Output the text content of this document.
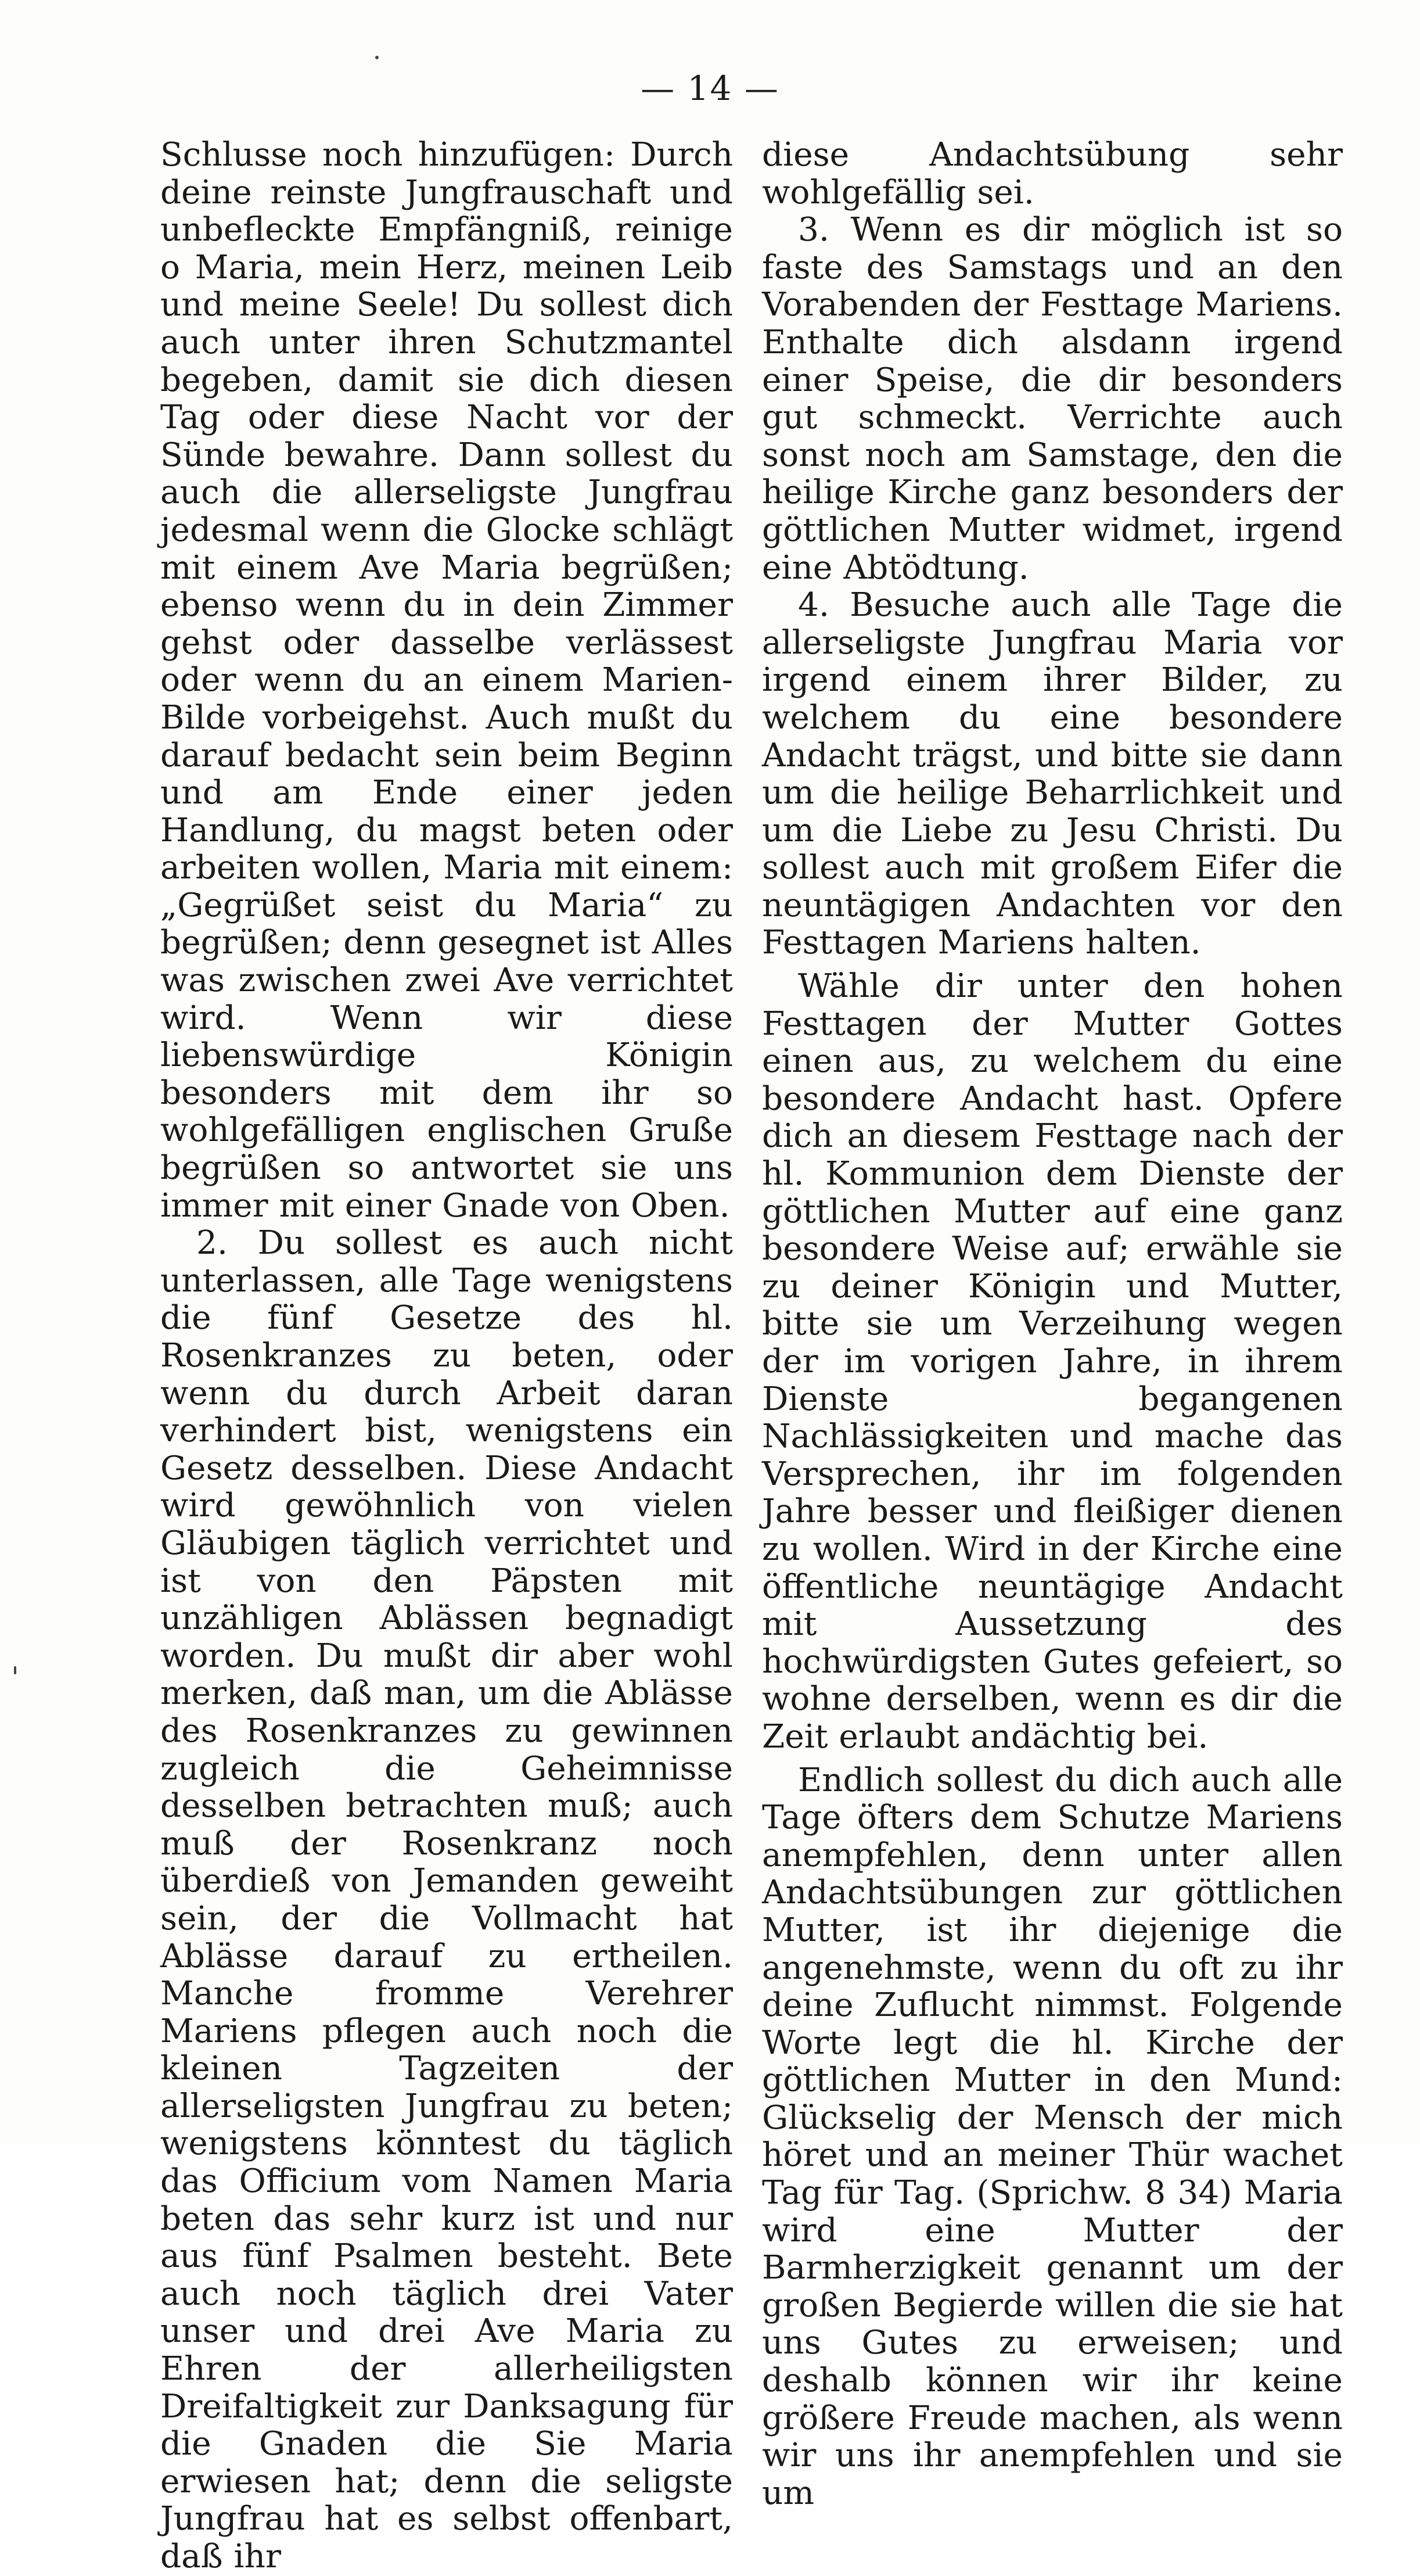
— 14 —

Schlusse noch hinzufügen: Durch deine reinste Jungfrauschaft und unbefleckte Empfängniß, reinige o Maria, mein Herz, meinen Leib und meine Seele! Du sollest dich auch unter ihren Schutzmantel begeben, damit sie dich diesen Tag oder diese Nacht vor der Sünde bewahre. Dann sollest du auch die allerseligste Jungfrau jedesmal wenn die Glocke schlägt mit einem Ave Maria begrüßen; ebenso wenn du in dein Zimmer gehst oder dasselbe verlässest oder wenn du an einem Marien-Bilde vorbeigehst. Auch mußt du darauf bedacht sein beim Beginn und am Ende einer jeden Handlung, du magst beten oder arbeiten wollen, Maria mit einem: „Gegrüßet seist du Maria“ zu begrüßen; denn gesegnet ist Alles was zwischen zwei Ave verrichtet wird. Wenn wir diese liebenswürdige Königin besonders mit dem ihr so wohlgefälligen englischen Gruße begrüßen so antwortet sie uns immer mit einer Gnade von Oben.

2. Du sollest es auch nicht unterlassen, alle Tage wenigstens die fünf Gesetze des hl. Rosenkranzes zu beten, oder wenn du durch Arbeit daran verhindert bist, wenigstens ein Gesetz desselben. Diese Andacht wird gewöhnlich von vielen Gläubigen täglich verrichtet und ist von den Päpsten mit unzähligen Ablässen begnadigt worden. Du mußt dir aber wohl merken, daß man, um die Ablässe des Rosenkranzes zu gewinnen zugleich die Geheimnisse desselben betrachten muß; auch muß der Rosenkranz noch überdieß von Jemanden geweiht sein, der die Vollmacht hat Ablässe darauf zu ertheilen. Manche fromme Verehrer Mariens pflegen auch noch die kleinen Tagzeiten der allerseligsten Jungfrau zu beten; wenigstens könntest du täglich das Officium vom Namen Maria beten das sehr kurz ist und nur aus fünf Psalmen besteht. Bete auch noch täglich drei Vater unser und drei Ave Maria zu Ehren der allerheiligsten Dreifaltigkeit zur Danksagung für die Gnaden die Sie Maria erwiesen hat; denn die seligste Jungfrau hat es selbst offenbart, daß ihr

diese Andachtsübung sehr wohlgefällig sei.

3. Wenn es dir möglich ist so faste des Samstags und an den Vorabenden der Festtage Mariens. Enthalte dich alsdann irgend einer Speise, die dir besonders gut schmeckt. Verrichte auch sonst noch am Samstage, den die heilige Kirche ganz besonders der göttlichen Mutter widmet, irgend eine Abtödtung.

4. Besuche auch alle Tage die allerseligste Jungfrau Maria vor irgend einem ihrer Bilder, zu welchem du eine besondere Andacht trägst, und bitte sie dann um die heilige Beharrlichkeit und um die Liebe zu Jesu Christi. Du sollest auch mit großem Eifer die neuntägigen Andachten vor den Festtagen Mariens halten.

Wähle dir unter den hohen Festtagen der Mutter Gottes einen aus, zu welchem du eine besondere Andacht hast. Opfere dich an diesem Festtage nach der hl. Kommunion dem Dienste der göttlichen Mutter auf eine ganz besondere Weise auf; erwähle sie zu deiner Königin und Mutter, bitte sie um Verzeihung wegen der im vorigen Jahre, in ihrem Dienste begangenen Nachlässigkeiten und mache das Versprechen, ihr im folgenden Jahre besser und fleißiger dienen zu wollen. Wird in der Kirche eine öffentliche neuntägige Andacht mit Aussetzung des hochwürdigsten Gutes gefeiert, so wohne derselben, wenn es dir die Zeit erlaubt andächtig bei.

Endlich sollest du dich auch alle Tage öfters dem Schutze Mariens anempfehlen, denn unter allen Andachtsübungen zur göttlichen Mutter, ist ihr diejenige die angenehmste, wenn du oft zu ihr deine Zuflucht nimmst. Folgende Worte legt die hl. Kirche der göttlichen Mutter in den Mund: Glückselig der Mensch der mich höret und an meiner Thür wachet Tag für Tag. (Sprichw. 8 34) Maria wird eine Mutter der Barmherzigkeit genannt um der großen Begierde willen die sie hat uns Gutes zu erweisen; und deshalb können wir ihr keine größere Freude machen, als wenn wir uns ihr anempfehlen und sie um
